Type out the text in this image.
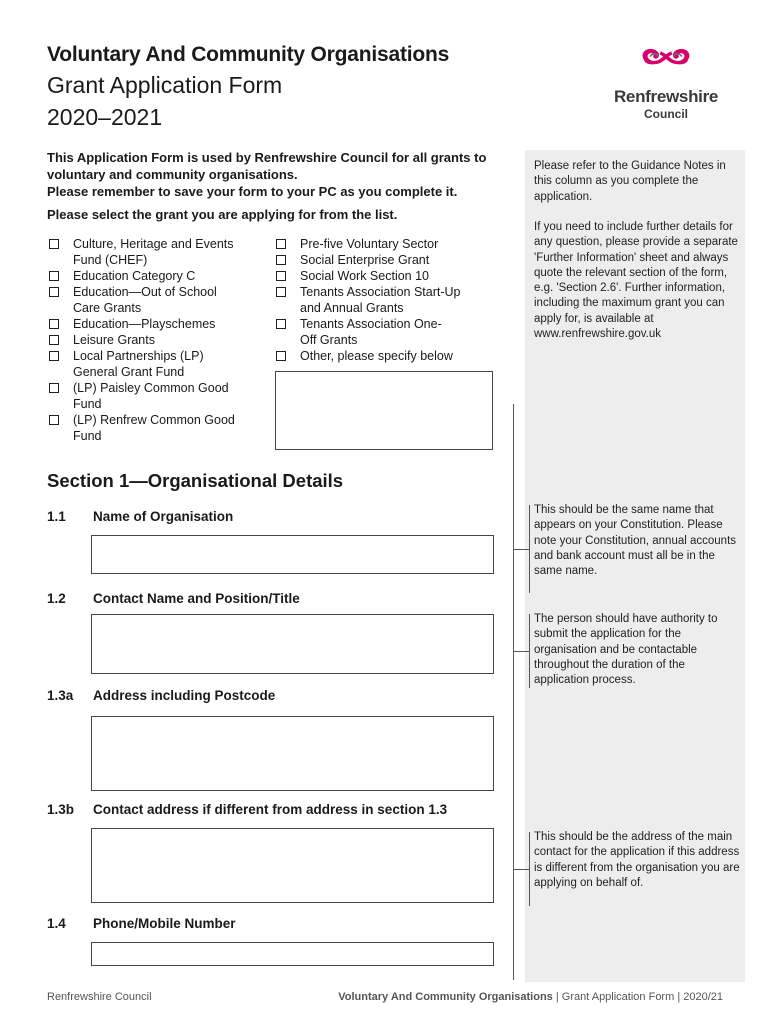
Voluntary And Community Organisations
Grant Application Form
2020–2021
Renfrewshire
Council
This Application Form is used by Renfrewshire Council for all grants to voluntary and community organisations.
Please remember to save your form to your PC as you complete it.
Please select the grant you are applying for from the list.
Culture, Heritage and Events Fund (CHEF)
Education Category C
Education—Out of School Care Grants
Education—Playschemes
Leisure Grants
Local Partnerships (LP) General Grant Fund
(LP) Paisley Common Good Fund
(LP) Renfrew Common Good Fund
Pre-five Voluntary Sector
Social Enterprise Grant
Social Work Section 10
Tenants Association Start-Up and Annual Grants
Tenants Association One-Off Grants
Other, please specify below
Please refer to the Guidance Notes in this column as you complete the application.
If you need to include further details for any question, please provide a separate 'Further Information' sheet and always quote the relevant section of the form, e.g. 'Section 2.6'. Further information, including the maximum grant you can apply for, is available at www.renfrewshire.gov.uk
This should be the same name that appears on your Constitution. Please note your Constitution, annual accounts and bank account must all be in the same name.
The person should have authority to submit the application for the organisation and be contactable throughout the duration of the application process.
This should be the address of the main contact for the application if this address is different from the organisation you are applying on behalf of.
Section 1—Organisational Details
1.1 Name of Organisation
1.2 Contact Name and Position/Title
1.3a Address including Postcode
1.3b Contact address if different from address in section 1.3
1.4 Phone/Mobile Number
Renfrewshire Council	Voluntary And Community Organisations | Grant Application Form | 2020/21
